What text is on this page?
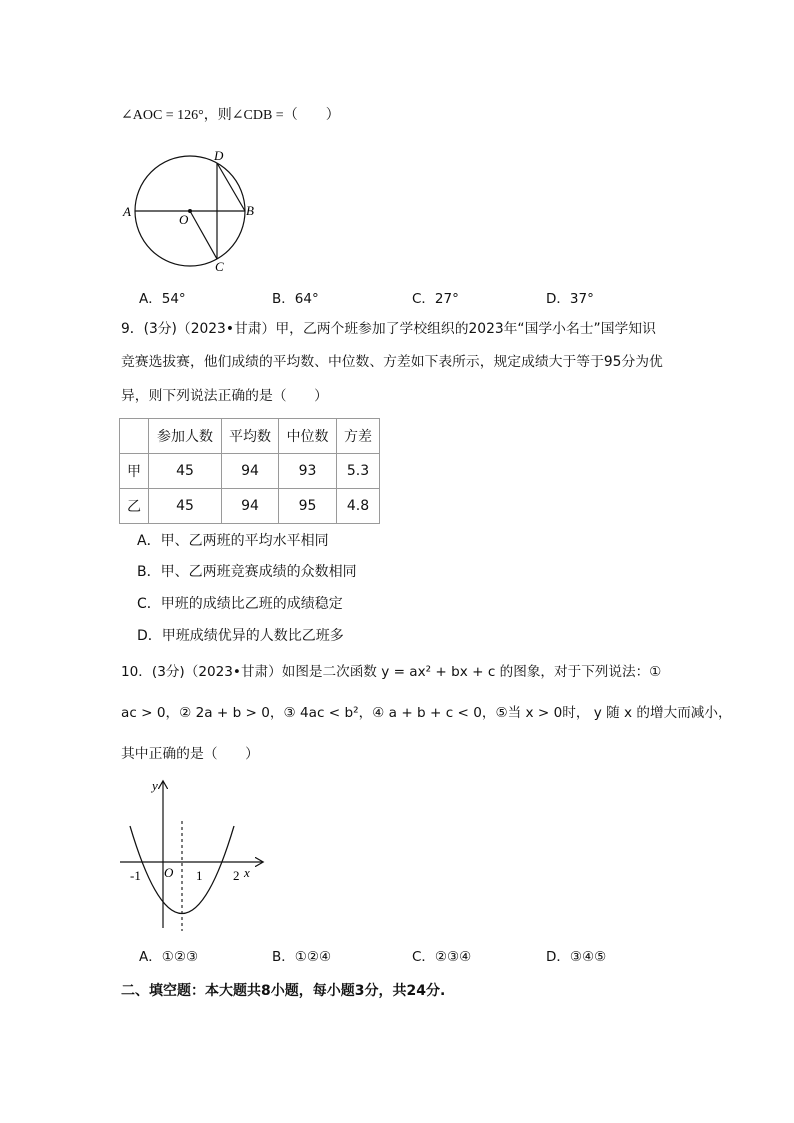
∠AOC = 126°，则∠CDB =（　　）
A	B
C
D
O
A．54°	B．64°	C．27°	D．37°
9．(3分)（2023•甘肃）甲，乙两个班参加了学校组织的2023年“国学小名士”国学知识
竞赛选拔赛，他们成绩的平均数、中位数、方差如下表所示，规定成绩大于等于95分为优
异，则下列说法正确的是（　　）
	参加人数	平均数	中位数	方差
甲	45	94	93	5.3
乙	45	94	95	4.8
A．甲、乙两班的平均水平相同
B．甲、乙两班竞赛成绩的众数相同
C．甲班的成绩比乙班的成绩稳定
D．甲班成绩优异的人数比乙班多
10．(3分)（2023•甘肃）如图是二次函数 y = ax² + bx + c 的图象，对于下列说法：①
ac > 0，② 2a + b > 0，③ 4ac < b²，④ a + b + c < 0，⑤当 x > 0时， y 随 x 的增大而减小，
其中正确的是（　　）
y
x
O
-1	1 2
A．①②③	B．①②④	C．②③④	D．③④⑤
二、填空题：本大题共8小题，每小题3分，共24分.
